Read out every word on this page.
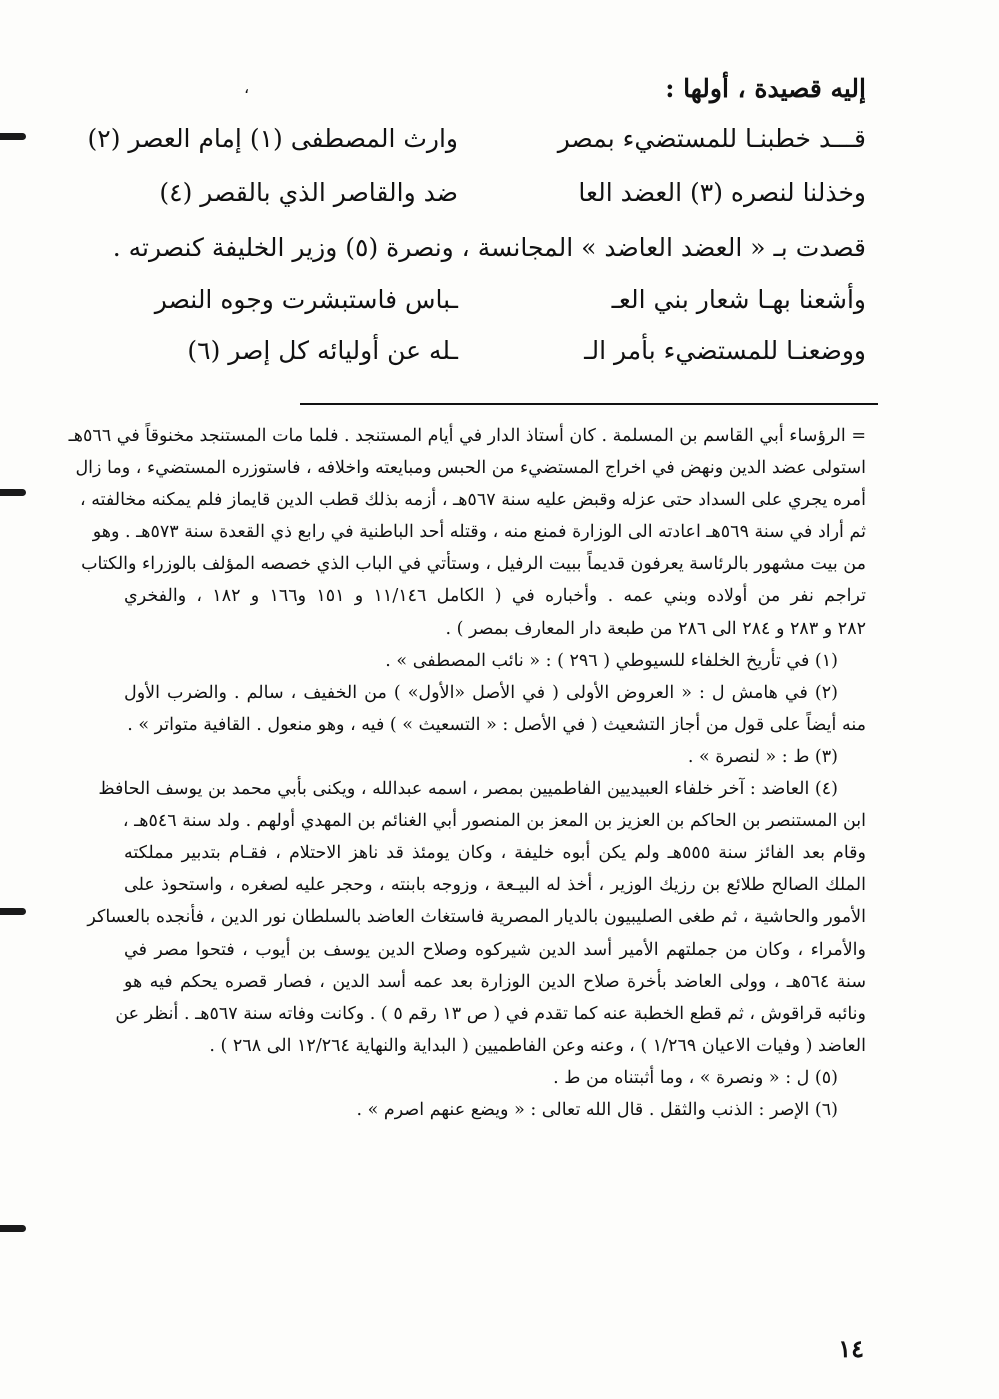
إليه قصيدة ، أولها :
،
قـــد خطبنـا للمستضيء بمصر
وارث المصطفى (١) إمام العصر (٢)
وخذلنا لنصره (٣) العضد العا
ضد والقاصر الذي بالقصر (٤)
قصدت بـ « العضد العاضد » المجانسة ، ونصرة (٥) وزير الخليفة كنصرته .
وأشعنا بهـا شعار بني العـ
ـباس فاستبشرت وجوه النصر
ووضعنـا للمستضيء بأمر الـ
ـله عن أوليائه كل إصر (٦)
= الرؤساء أبي القاسم بن المسلمة . كان أستاذ الدار في أيام المستنجد . فلما مات المستنجد مخنوقاً في ٥٦٦هـ
استولى عضد الدين ونهض في اخراج المستضيء من الحبس ومبايعته واخلافه ، فاستوزره المستضيء ، وما زال
أمره يجري على السداد حتى عزله وقبض عليه سنة ٥٦٧هـ ، أزمه بذلك قطب الدين قايماز فلم يمكنه مخالفته ،
ثم أراد في سنة ٥٦٩هـ اعادته الى الوزارة فمنع منه ، وقتله أحد الباطنية في رابع ذي القعدة سنة ٥٧٣هـ . وهو
من بيت مشهور بالرئاسة يعرفون قديماً ببيت الرفيل ، وستأتي في الباب الذي خصصه المؤلف بالوزراء والكتاب
تراجم نفر من أولاده وبني عمه . وأخباره في ( الكامل ١١/١٤٦ و ١٥١ و١٦٦ و ١٨٢ ، والفخري
٢٨٢ و ٢٨٣ و ٢٨٤ الى ٢٨٦ من طبعة دار المعارف بمصر ) .
(١) في تأريخ الخلفاء للسيوطي ( ٢٩٦ ) : « نائب المصطفى » .
(٢) في هامش ل : « العروض الأولى ( في الأصل «الأول» ) من الخفيف ، سالم . والضرب الأول
منه أيضاً على قول من أجاز التشعيث ( في الأصل : « التسعيث » ) فيه ، وهو منعول . القافية متواتر » .
(٣) ط : « لنصرة » .
(٤) العاضد : آخر خلفاء العبيديين الفاطميين بمصر ، اسمه عبدالله ، ويكنى بأبي محمد بن يوسف الحافظ
ابن المستنصر بن الحاكم بن العزيز بن المعز بن المنصور أبي الغنائم بن المهدي أولهم . ولد سنة ٥٤٦هـ ،
وقام بعد الفائز سنة ٥٥٥هـ ولم يكن أبوه خليفة ، وكان يومئذ قد ناهز الاحتلام ، فقـام بتدبير مملكته
الملك الصالح طلائع بن رزيك الوزير ، أخذ له البيـعة ، وزوجه بابنته ، وحجر عليه لصغره ، واستحوذ على
الأمور والحاشية ، ثم طغى الصليبيون بالديار المصرية فاستغاث العاضد بالسلطان نور الدين ، فأنجده بالعساكر
والأمراء ، وكان من جملتهم الأمير أسد الدين شيركوه وصلاح الدين يوسف بن أيوب ، فتحوا مصر في
سنة ٥٦٤هـ ، وولى العاضد بأخرة صلاح الدين الوزارة بعد عمه أسد الدين ، فصار قصره يحكم فيه هو
ونائبه قراقوش ، ثم قطع الخطبة عنه كما تقدم في ( ص ١٣ رقم ٥ ) . وكانت وفاته سنة ٥٦٧هـ . أنظر عن
العاضد ( وفيات الاعيان ١/٢٦٩ ) ، وعنه وعن الفاطميين ( البداية والنهاية ١٢/٢٦٤ الى ٢٦٨ ) .
(٥) ل : « ونصرة » ، وما أثبتناه من ط .
(٦) الإصر : الذنب والثقل . قال الله تعالى : « ويضع عنهم اصرم » .
١٤
